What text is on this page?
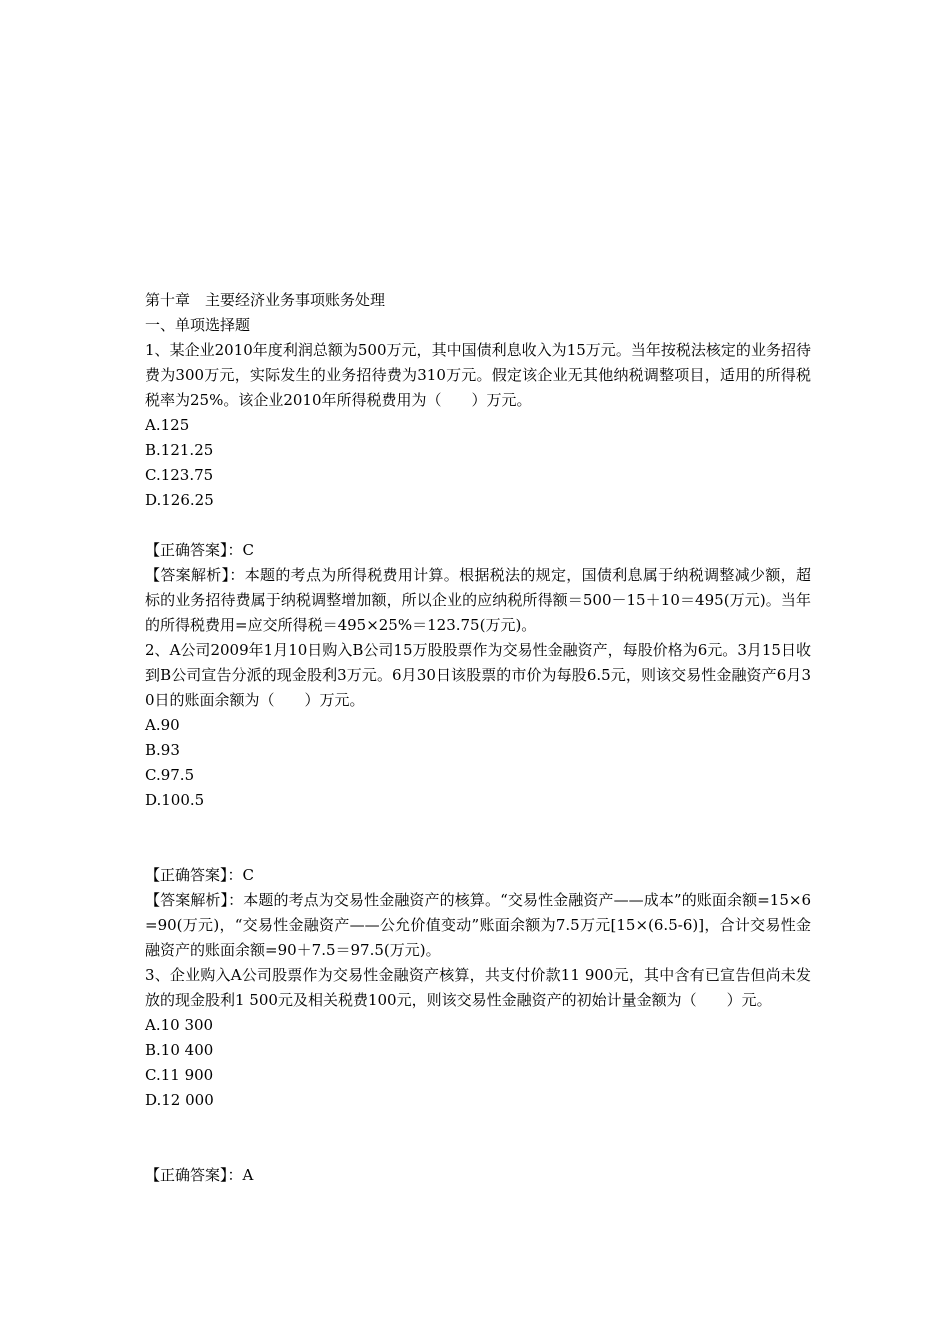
第十章　主要经济业务事项账务处理
一、单项选择题
1、某企业2010年度利润总额为500万元，其中国债利息收入为15万元。当年按税法核定的业务招待费为300万元，实际发生的业务招待费为310万元。假定该企业无其他纳税调整项目，适用的所得税税率为25%。该企业2010年所得税费用为（　　）万元。
A.125
B.121.25
C.123.75
D.126.25
【正确答案】：C
【答案解析】：本题的考点为所得税费用计算。根据税法的规定，国债利息属于纳税调整减少额，超标的业务招待费属于纳税调整增加额，所以企业的应纳税所得额＝500－15＋10＝495(万元)。当年的所得税费用=应交所得税＝495×25%＝123.75(万元)。
2、A公司2009年1月10日购入B公司15万股股票作为交易性金融资产，每股价格为6元。3月15日收到B公司宣告分派的现金股利3万元。6月30日该股票的市价为每股6.5元，则该交易性金融资产6月30日的账面余额为（　　）万元。
A.90
B.93
C.97.5
D.100.5
【正确答案】：C
【答案解析】：本题的考点为交易性金融资产的核算。“交易性金融资产——成本”的账面余额=15×6=90(万元)，“交易性金融资产——公允价值变动”账面余额为7.5万元[15×(6.5-6)]，合计交易性金融资产的账面余额=90＋7.5＝97.5(万元)。
3、企业购入A公司股票作为交易性金融资产核算，共支付价款11 900元，其中含有已宣告但尚未发放的现金股利1 500元及相关税费100元，则该交易性金融资产的初始计量金额为（　　）元。
A.10 300
B.10 400
C.11 900
D.12 000
【正确答案】：A
